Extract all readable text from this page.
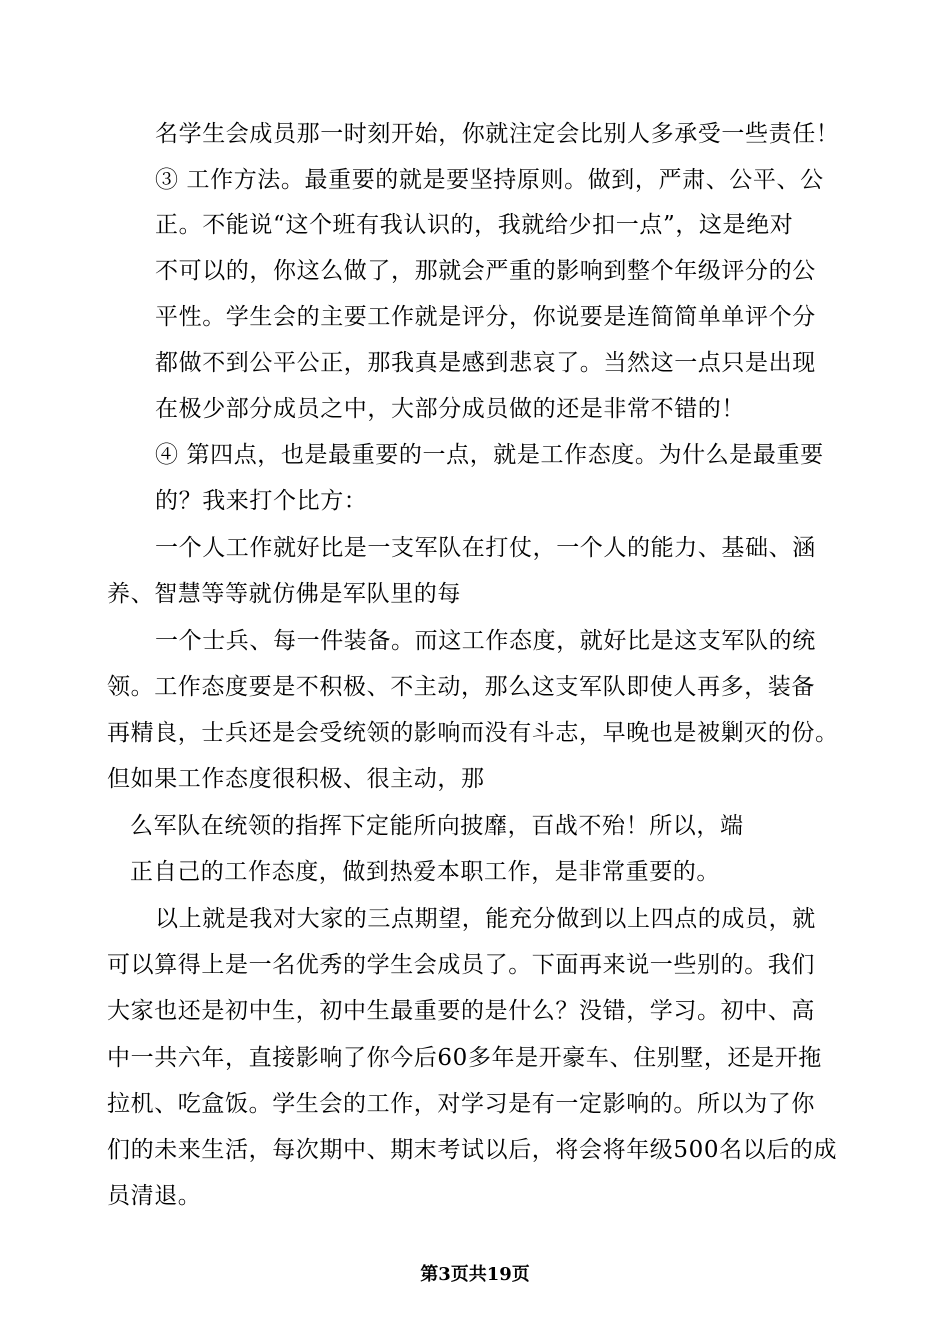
名学生会成员那一时刻开始，你就注定会比别人多承受一些责任！
③ 工作方法。最重要的就是要坚持原则。做到，严肃、公平、公
正。不能说“这个班有我认识的，我就给少扣一点”，这是绝对
不可以的，你这么做了，那就会严重的影响到整个年级评分的公
平性。学生会的主要工作就是评分，你说要是连简简单单评个分
都做不到公平公正，那我真是感到悲哀了。当然这一点只是出现
在极少部分成员之中，大部分成员做的还是非常不错的！
④ 第四点，也是最重要的一点，就是工作态度。为什么是最重要
的？我来打个比方：
一个人工作就好比是一支军队在打仗，一个人的能力、基础、涵
养、智慧等等就仿佛是军队里的每
一个士兵、每一件装备。而这工作态度，就好比是这支军队的统
领。工作态度要是不积极、不主动，那么这支军队即使人再多，装备
再精良，士兵还是会受统领的影响而没有斗志，早晚也是被剿灭的份。
但如果工作态度很积极、很主动，那
么军队在统领的指挥下定能所向披靡，百战不殆！所以，端
正自己的工作态度，做到热爱本职工作，是非常重要的。
以上就是我对大家的三点期望，能充分做到以上四点的成员，就
可以算得上是一名优秀的学生会成员了。下面再来说一些别的。我们
大家也还是初中生，初中生最重要的是什么？没错，学习。初中、高
中一共六年，直接影响了你今后60多年是开豪车、住别墅，还是开拖
拉机、吃盒饭。学生会的工作，对学习是有一定影响的。所以为了你
们的未来生活，每次期中、期末考试以后，将会将年级500名以后的成
员清退。
第3页共19页
